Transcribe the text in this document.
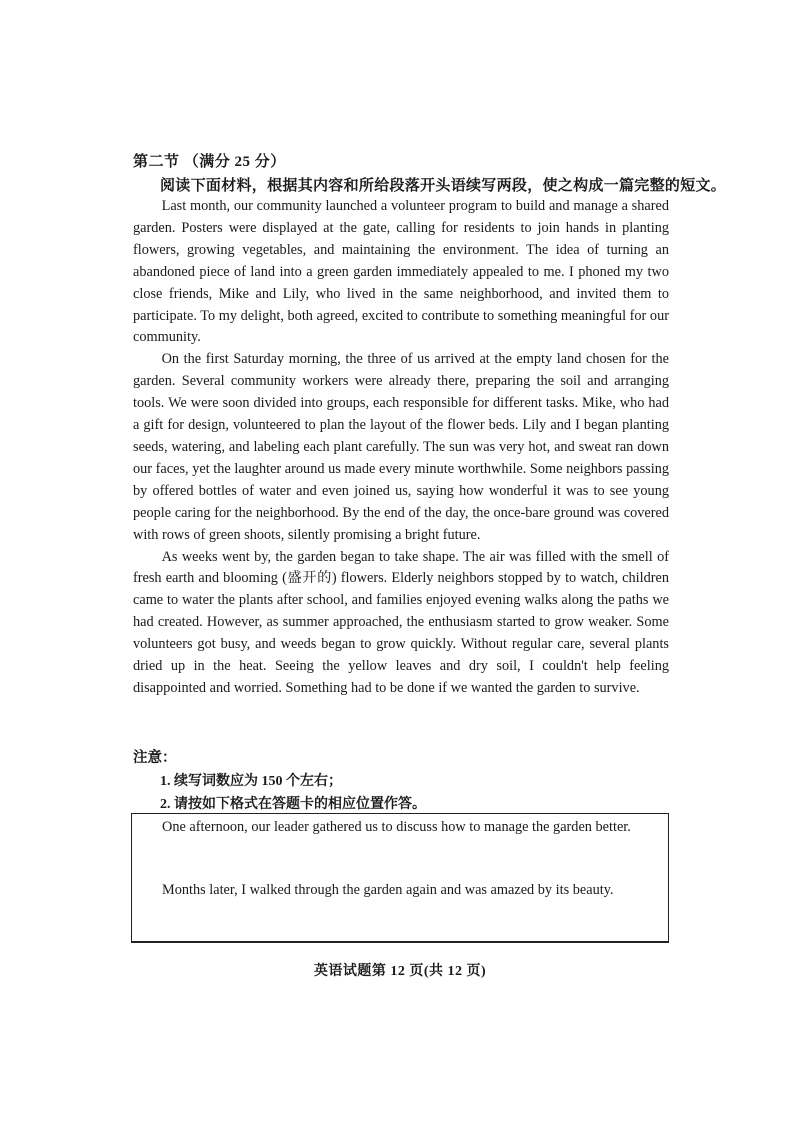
第二节 （满分 25 分）
阅读下面材料，根据其内容和所给段落开头语续写两段，使之构成一篇完整的短文。

Last month, our community launched a volunteer program to build and manage a shared garden. Posters were displayed at the gate, calling for residents to join hands in planting flowers, growing vegetables, and maintaining the environment. The idea of turning an abandoned piece of land into a green garden immediately appealed to me. I phoned my two close friends, Mike and Lily, who lived in the same neighborhood, and invited them to participate. To my delight, both agreed, excited to contribute to something meaningful for our community.

On the first Saturday morning, the three of us arrived at the empty land chosen for the garden. Several community workers were already there, preparing the soil and arranging tools. We were soon divided into groups, each responsible for different tasks. Mike, who had a gift for design, volunteered to plan the layout of the flower beds. Lily and I began planting seeds, watering, and labeling each plant carefully. The sun was very hot, and sweat ran down our faces, yet the laughter around us made every minute worthwhile. Some neighbors passing by offered bottles of water and even joined us, saying how wonderful it was to see young people caring for the neighborhood. By the end of the day, the once-bare ground was covered with rows of green shoots, silently promising a bright future.

As weeks went by, the garden began to take shape. The air was filled with the smell of fresh earth and blooming (盛开的) flowers. Elderly neighbors stopped by to watch, children came to water the plants after school, and families enjoyed evening walks along the paths we had created. However, as summer approached, the enthusiasm started to grow weaker. Some volunteers got busy, and weeds began to grow quickly. Without regular care, several plants dried up in the heat. Seeing the yellow leaves and dry soil, I couldn't help feeling disappointed and worried. Something had to be done if we wanted the garden to survive.

注意：
1. 续写词数应为 150 个左右；
2. 请按如下格式在答题卡的相应位置作答。
One afternoon, our leader gathered us to discuss how to manage the garden better.
Months later, I walked through the garden again and was amazed by its beauty.
英语试题第 12 页(共 12 页)
